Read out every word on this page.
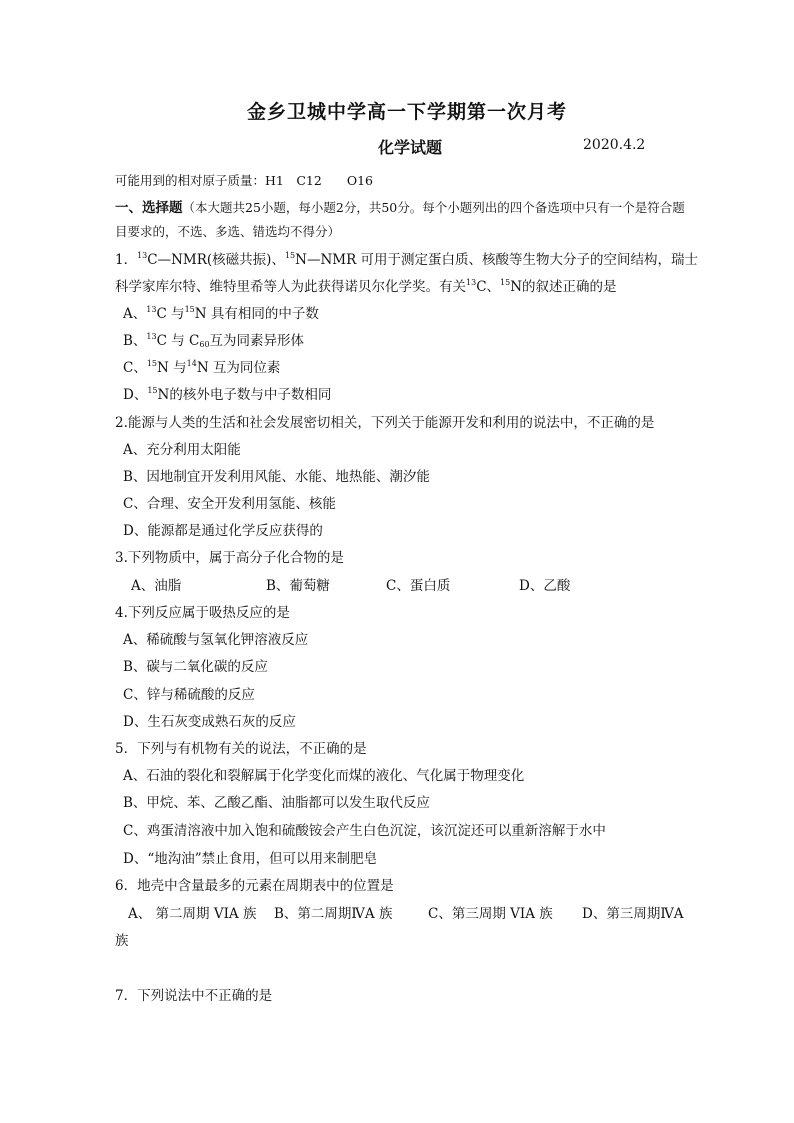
金乡卫城中学高一下学期第一次月考
化学试题	2020.4.2
可能用到的相对原子质量：H1　C12　　O16
一、选择题（本大题共25小题，每小题2分，共50分。每个小题列出的四个备选项中只有一个是符合题
目要求的，不选、多选、错选均不得分）
1．$^{13}$C—NMR(核磁共振)、$^{15}$N—NMR 可用于测定蛋白质、核酸等生物大分子的空间结构，瑞士
科学家库尔特、维特里希等人为此获得诺贝尔化学奖。有关$^{13}$C、$^{15}$N的叙述正确的是
A、$^{13}$C 与$^{15}$N 具有相同的中子数
B、$^{13}$C 与 $C_{60}$互为同素异形体
C、$^{15}$N 与$^{14}$N 互为同位素
D、$^{15}$N的核外电子数与中子数相同
2.能源与人类的生活和社会发展密切相关，下列关于能源开发和利用的说法中，不正确的是
A、充分利用太阳能
B、因地制宜开发利用风能、水能、地热能、潮汐能
C、合理、安全开发利用氢能、核能
D、能源都是通过化学反应获得的
3.下列物质中，属于高分子化合物的是
A、油脂	B、葡萄糖	C、蛋白质	D、乙酸
4.下列反应属于吸热反应的是
A、稀硫酸与氢氧化钾溶液反应
B、碳与二氧化碳的反应
C、锌与稀硫酸的反应
D、生石灰变成熟石灰的反应
5．下列与有机物有关的说法，不正确的是
A、石油的裂化和裂解属于化学变化而煤的液化、气化属于物理变化
B、甲烷、苯、乙酸乙酯、油脂都可以发生取代反应
C、鸡蛋清溶液中加入饱和硫酸铵会产生白色沉淀，该沉淀还可以重新溶解于水中
D、“地沟油”禁止食用，但可以用来制肥皂
6．地壳中含量最多的元素在周期表中的位置是
A、 第二周期 VIA 族 B、第二周期ⅣA 族	C、第三周期 VIA 族 D、第三周期ⅣA
族
7．下列说法中不正确的是
